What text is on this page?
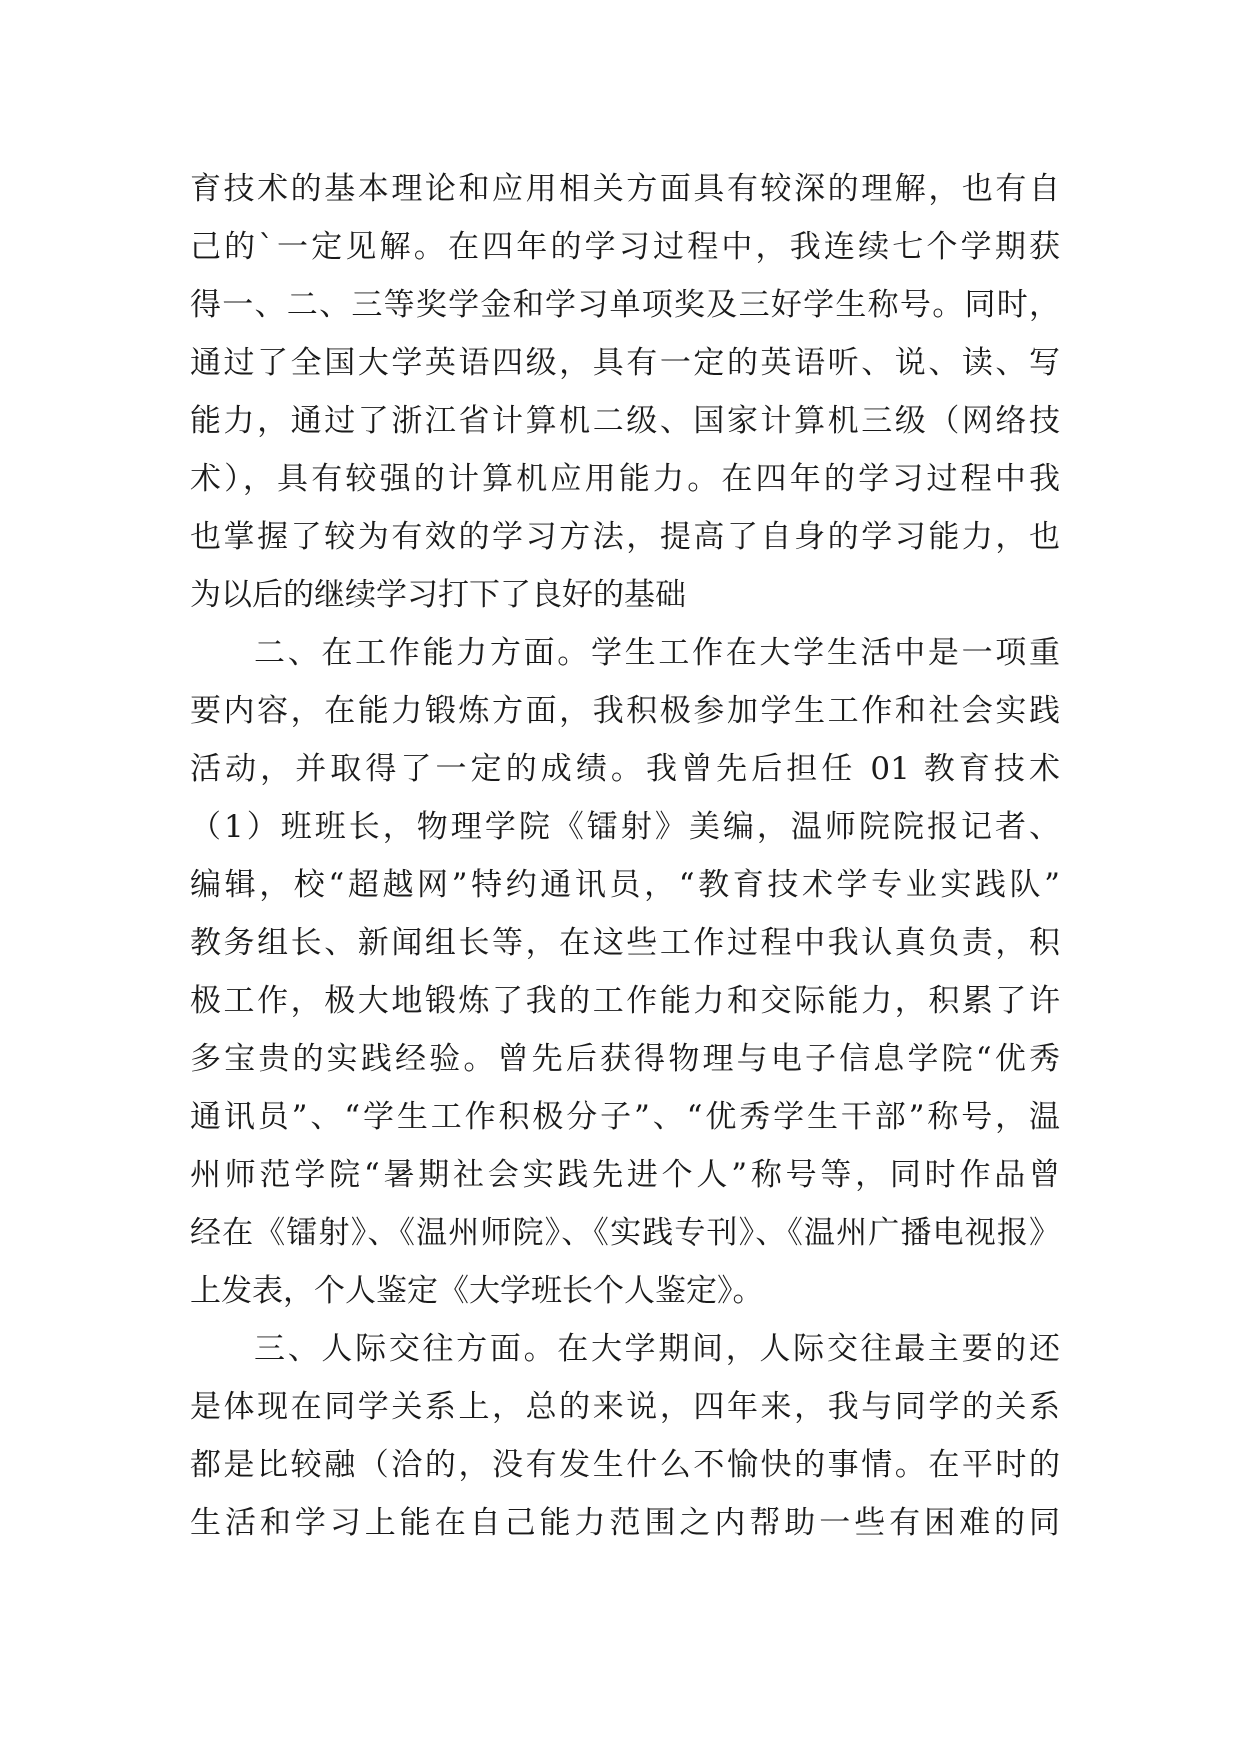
育技术的基本理论和应用相关方面具有较深的理解，也有自
己的`一定见解。在四年的学习过程中，我连续七个学期获
得一、二、三等奖学金和学习单项奖及三好学生称号。同时，
通过了全国大学英语四级，具有一定的英语听、说、读、写
能力，通过了浙江省计算机二级、国家计算机三级（网络技
术），具有较强的计算机应用能力。在四年的学习过程中我
也掌握了较为有效的学习方法，提高了自身的学习能力，也
为以后的继续学习打下了良好的基础
二、在工作能力方面。学生工作在大学生活中是一项重
要内容，在能力锻炼方面，我积极参加学生工作和社会实践
活动，并取得了一定的成绩。我曾先后担任 01 教育技术
（1）班班长，物理学院《镭射》美编，温师院院报记者、
编辑，校“超越网”特约通讯员，“教育技术学专业实践队”
教务组长、新闻组长等，在这些工作过程中我认真负责，积
极工作，极大地锻炼了我的工作能力和交际能力，积累了许
多宝贵的实践经验。曾先后获得物理与电子信息学院“优秀
通讯员”、“学生工作积极分子”、“优秀学生干部”称号，温
州师范学院“暑期社会实践先进个人”称号等，同时作品曾
经在《镭射》、《温州师院》、《实践专刊》、《温州广播电视报》
上发表，个人鉴定《大学班长个人鉴定》。
三、人际交往方面。在大学期间，人际交往最主要的还
是体现在同学关系上，总的来说，四年来，我与同学的关系
都是比较融（洽的，没有发生什么不愉快的事情。在平时的
生活和学习上能在自己能力范围之内帮助一些有困难的同
